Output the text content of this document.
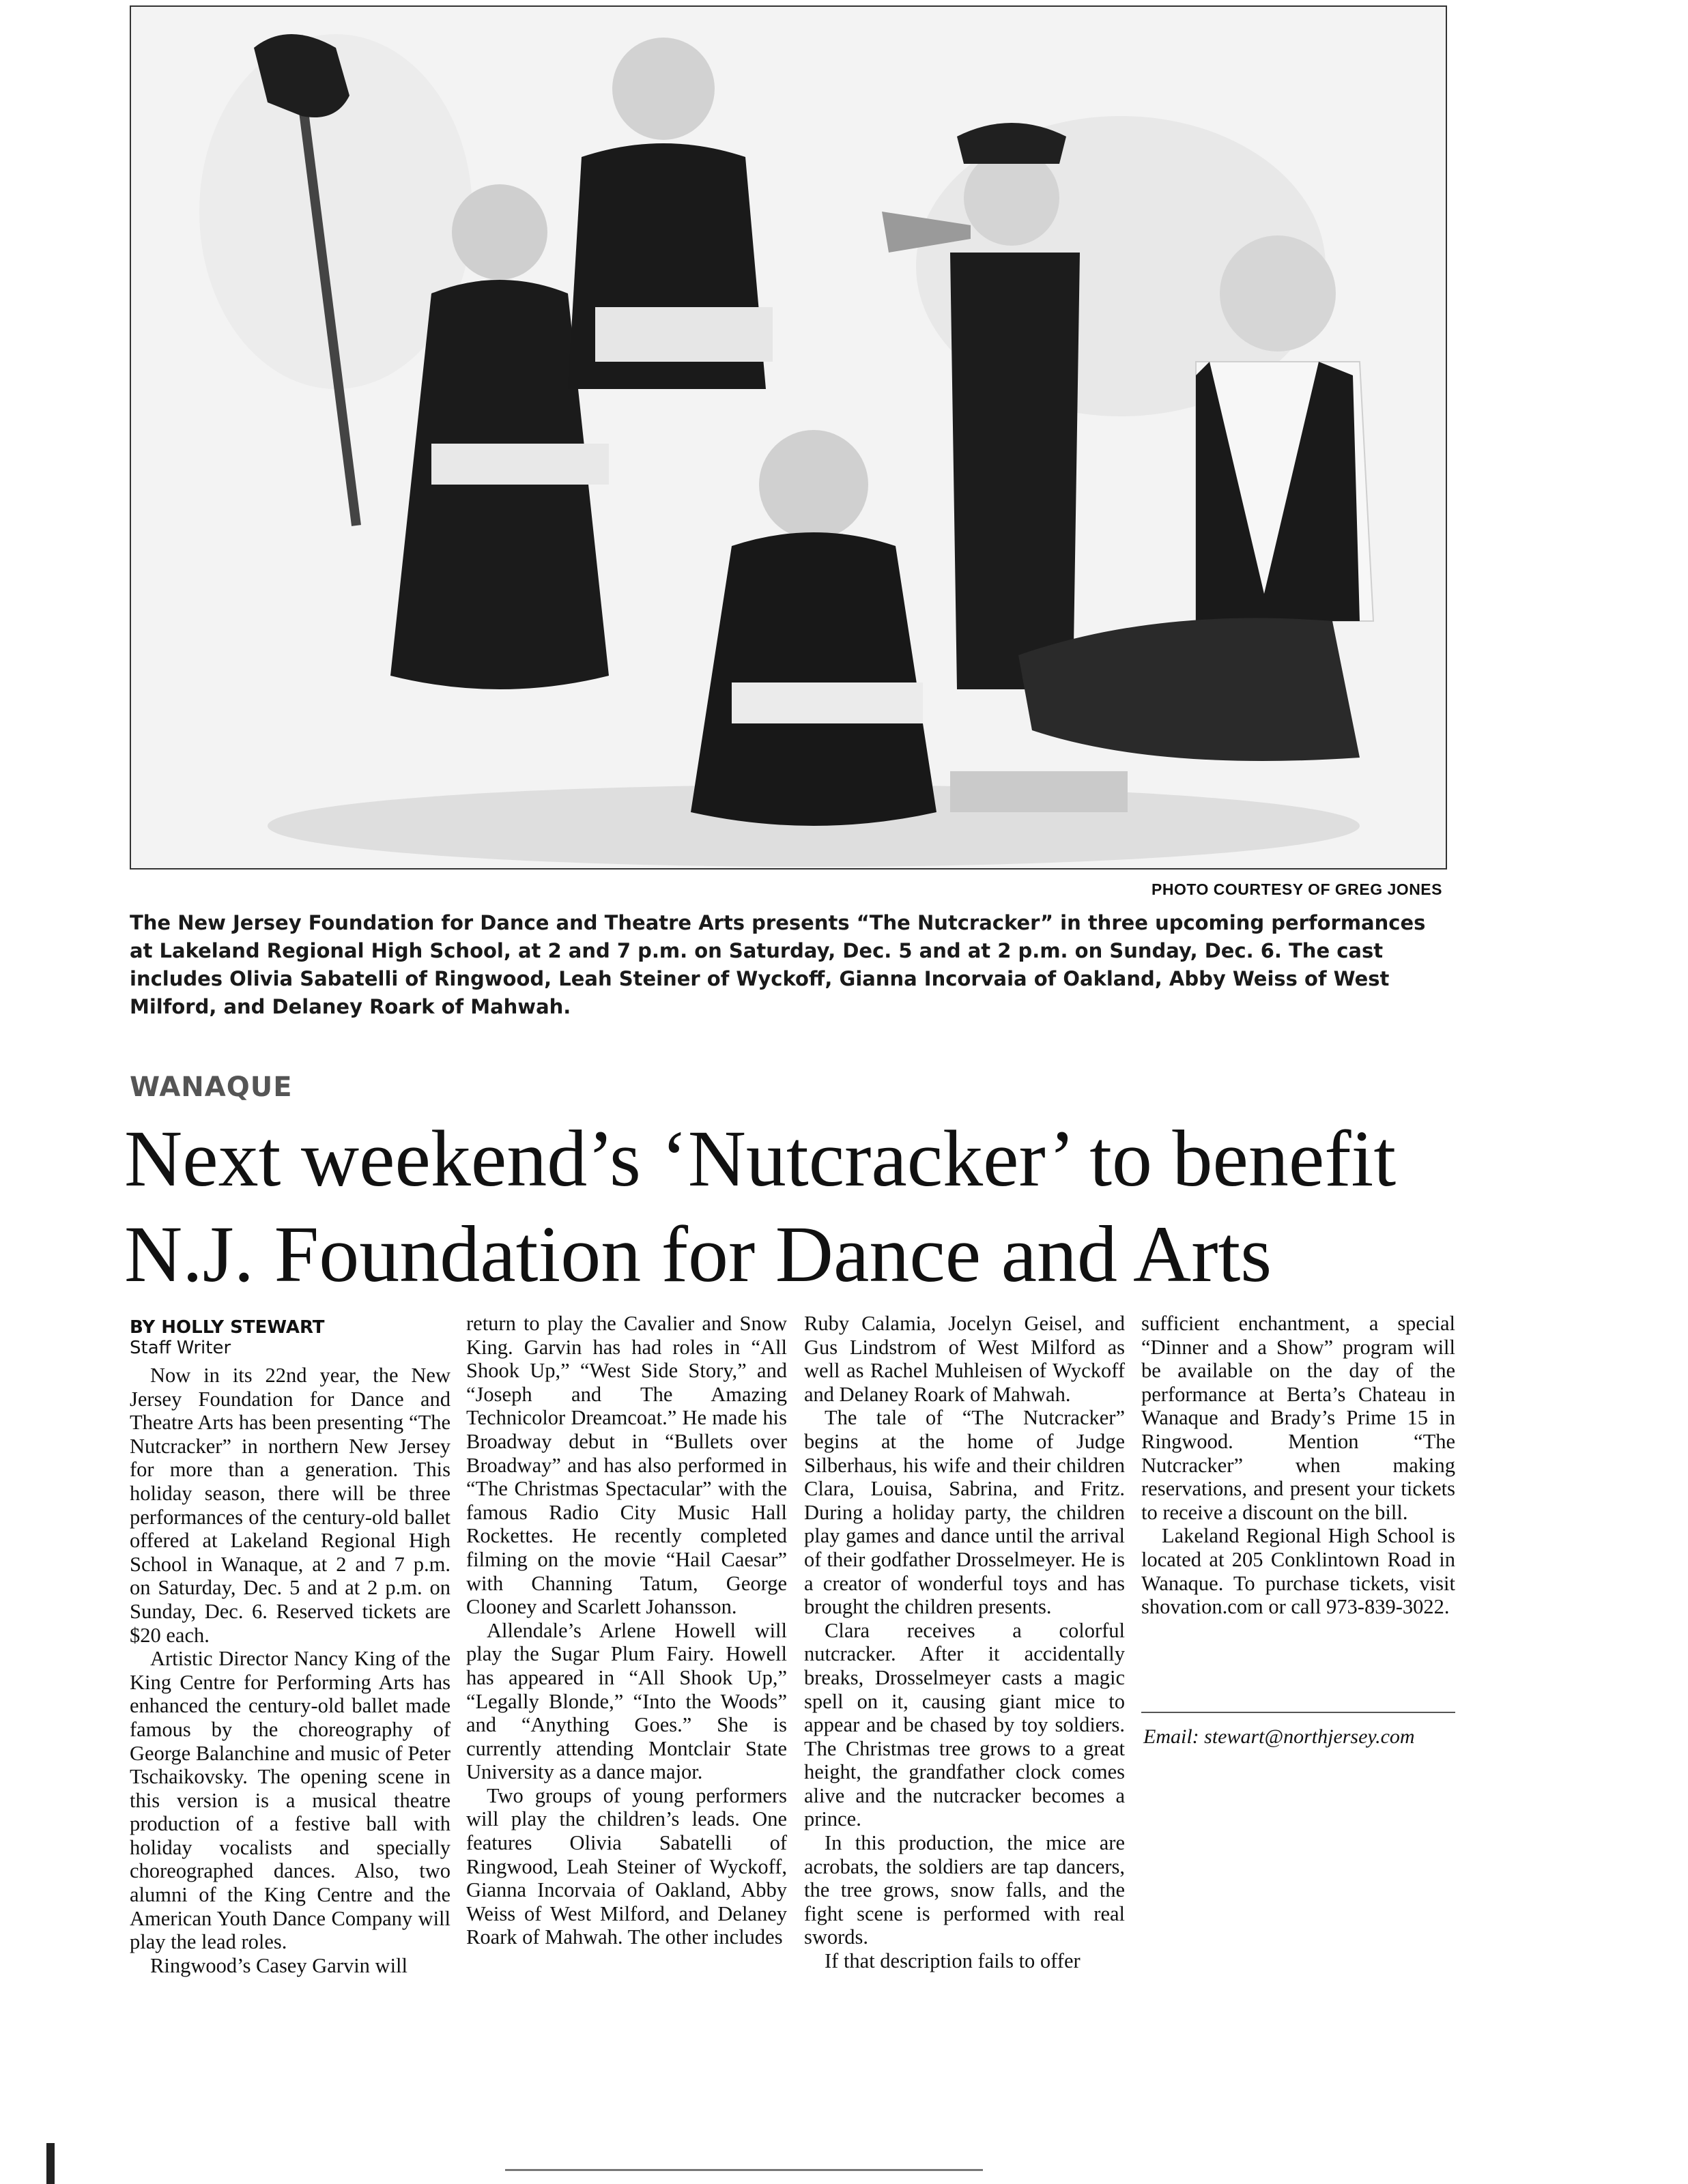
PHOTO COURTESY OF GREG JONES
The New Jersey Foundation for Dance and Theatre Arts presents “The Nutcracker” in three upcoming performances at Lakeland Regional High School, at 2 and 7 p.m. on Saturday, Dec. 5 and at 2 p.m. on Sunday, Dec. 6. The cast includes Olivia Sabatelli of Ringwood, Leah Steiner of Wyckoff, Gianna Incorvaia of Oakland, Abby Weiss of West Milford, and Delaney Roark of Mahwah.
WANAQUE
Next weekend’s ‘Nutcracker’ to benefit
N.J. Foundation for Dance and Arts
BY HOLLY STEWART
Staff Writer

Now in its 22nd year, the New Jersey Foundation for Dance and Theatre Arts has been presenting “The Nutcracker” in northern New Jersey for more than a generation. This holiday season, there will be three performances of the century-old ballet offered at Lakeland Regional High School in Wanaque, at 2 and 7 p.m. on Saturday, Dec. 5 and at 2 p.m. on Sunday, Dec. 6. Reserved tickets are $20 each.

Artistic Director Nancy King of the King Centre for Performing Arts has enhanced the century-old ballet made famous by the choreography of George Balanchine and music of Peter Tschaikovsky. The opening scene in this version is a musical theatre production of a festive ball with holiday vocalists and specially choreographed dances. Also, two alumni of the King Centre and the American Youth Dance Company will play the lead roles.

Ringwood’s Casey Garvin will

return to play the Cavalier and Snow King. Garvin has had roles in “All Shook Up,” “West Side Story,” and “Joseph and The Amazing Technicolor Dreamcoat.” He made his Broadway debut in “Bullets over Broadway” and has also performed in “The Christmas Spectacular” with the famous Radio City Music Hall Rockettes. He recently completed filming on the movie “Hail Caesar” with Channing Tatum, George Clooney and Scarlett Johansson.

Allendale’s Arlene Howell will play the Sugar Plum Fairy. Howell has appeared in “All Shook Up,” “Legally Blonde,” “Into the Woods” and “Anything Goes.” She is currently attending Montclair State University as a dance major.

Two groups of young performers will play the children’s leads. One features Olivia Sabatelli of Ringwood, Leah Steiner of Wyckoff, Gianna Incorvaia of Oakland, Abby Weiss of West Milford, and Delaney Roark of Mahwah. The other includes

Ruby Calamia, Jocelyn Geisel, and Gus Lindstrom of West Milford as well as Rachel Muhleisen of Wyckoff and Delaney Roark of Mahwah.

The tale of “The Nutcracker” begins at the home of Judge Silberhaus, his wife and their children Clara, Louisa, Sabrina, and Fritz. During a holiday party, the children play games and dance until the arrival of their godfather Drosselmeyer. He is a creator of wonderful toys and has brought the children presents.

Clara receives a colorful nutcracker. After it accidentally breaks, Drosselmeyer casts a magic spell on it, causing giant mice to appear and be chased by toy soldiers. The Christmas tree grows to a great height, the grandfather clock comes alive and the nutcracker becomes a prince.

In this production, the mice are acrobats, the soldiers are tap dancers, the tree grows, snow falls, and the fight scene is performed with real swords.

If that description fails to offer

sufficient enchantment, a special “Dinner and a Show” program will be available on the day of the performance at Berta’s Chateau in Wanaque and Brady’s Prime 15 in Ringwood. Mention “The Nutcracker” when making reservations, and present your tickets to receive a discount on the bill.

Lakeland Regional High School is located at 205 Conklintown Road in Wanaque. To purchase tickets, visit shovation.com or call 973-839-3022.

Email: stewart@northjersey.com
